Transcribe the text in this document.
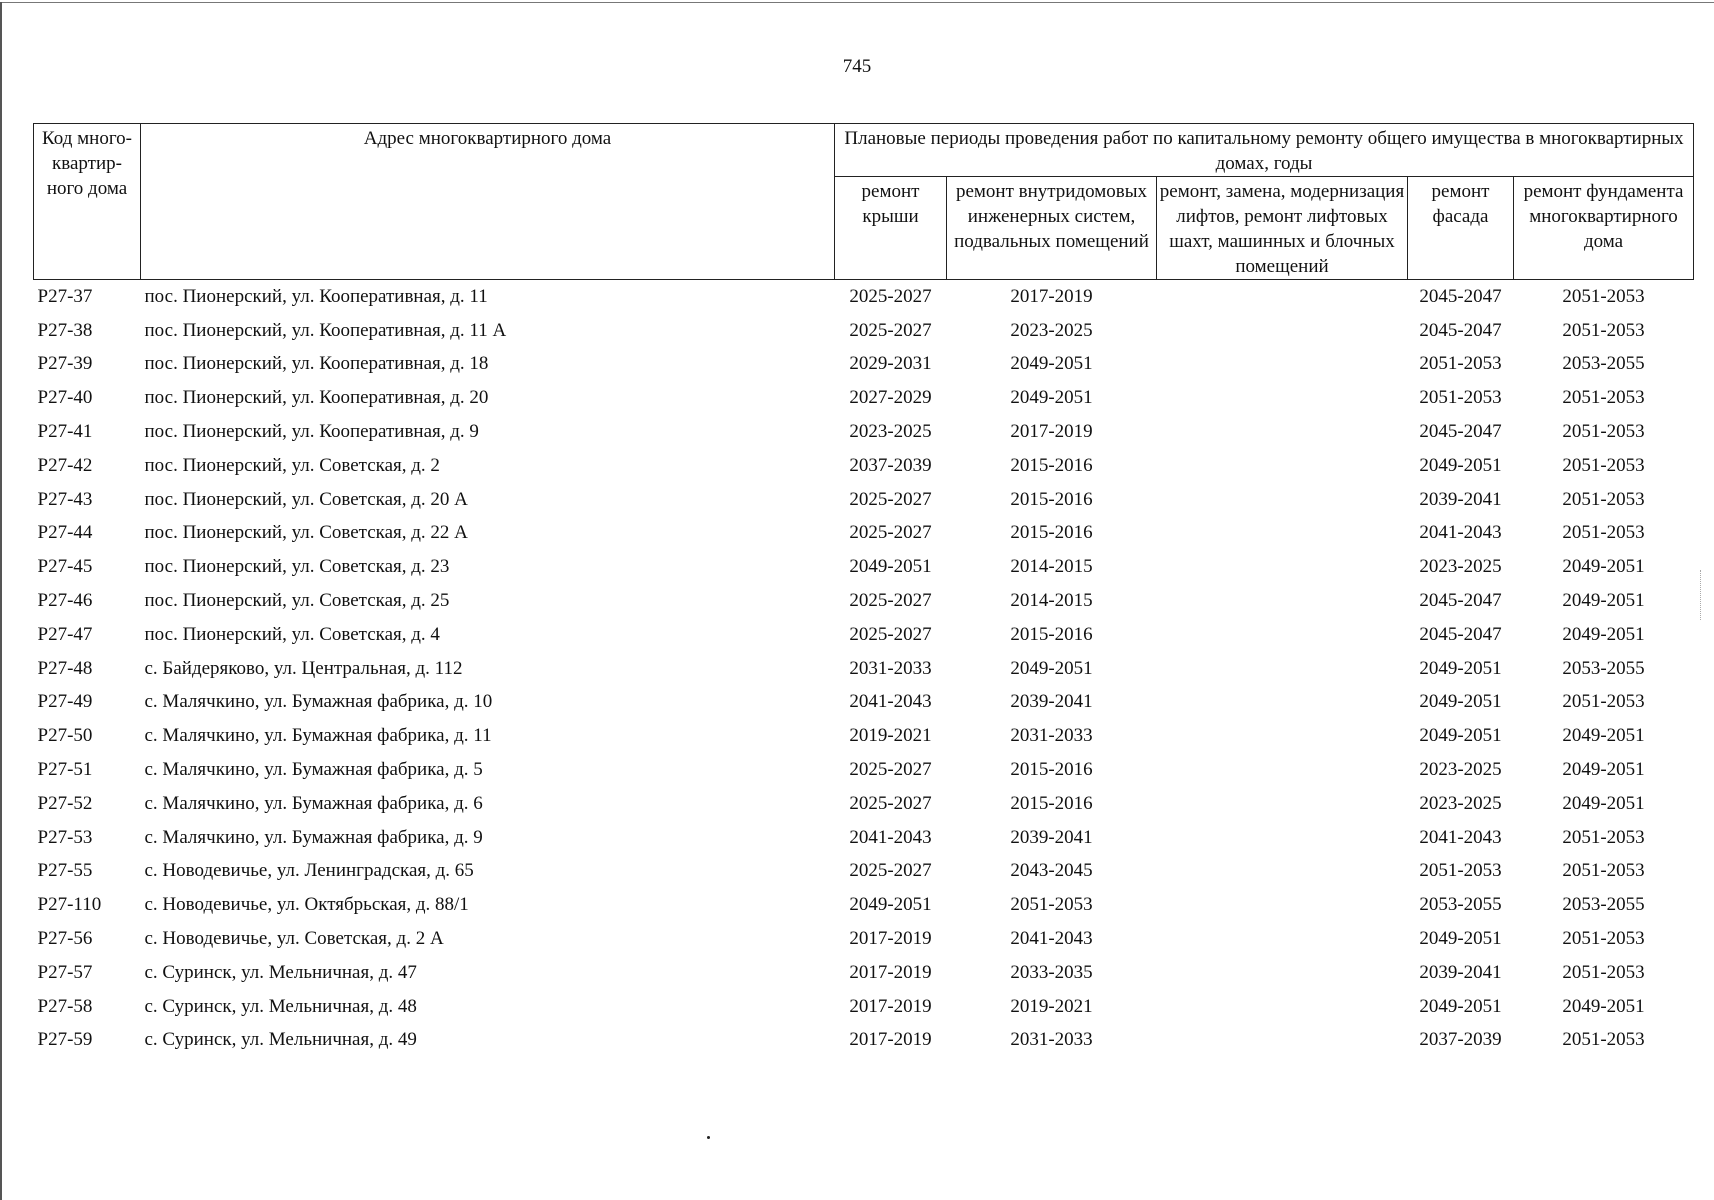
745
Код много-квартир-ного дома	Адрес многоквартирного дома	Плановые периоды проведения работ по капитальному ремонту общего имущества в многоквартирных домах, годы				
		ремонт крыши	ремонт внутридомовых инженерных систем, подвальных помещений	ремонт, замена, модернизация лифтов, ремонт лифтовых шахт, машинных и блочных помещений	ремонт фасада	ремонт фундамента многоквартирного дома
Р27-37	пос. Пионерский, ул. Кооперативная, д. 11	2025-2027	2017-2019		2045-2047	2051-2053
Р27-38	пос. Пионерский, ул. Кооперативная, д. 11 А	2025-2027	2023-2025		2045-2047	2051-2053
Р27-39	пос. Пионерский, ул. Кооперативная, д. 18	2029-2031	2049-2051		2051-2053	2053-2055
Р27-40	пос. Пионерский, ул. Кооперативная, д. 20	2027-2029	2049-2051		2051-2053	2051-2053
Р27-41	пос. Пионерский, ул. Кооперативная, д. 9	2023-2025	2017-2019		2045-2047	2051-2053
Р27-42	пос. Пионерский, ул. Советская, д. 2	2037-2039	2015-2016		2049-2051	2051-2053
Р27-43	пос. Пионерский, ул. Советская, д. 20 А	2025-2027	2015-2016		2039-2041	2051-2053
Р27-44	пос. Пионерский, ул. Советская, д. 22 А	2025-2027	2015-2016		2041-2043	2051-2053
Р27-45	пос. Пионерский, ул. Советская, д. 23	2049-2051	2014-2015		2023-2025	2049-2051
Р27-46	пос. Пионерский, ул. Советская, д. 25	2025-2027	2014-2015		2045-2047	2049-2051
Р27-47	пос. Пионерский, ул. Советская, д. 4	2025-2027	2015-2016		2045-2047	2049-2051
Р27-48	с. Байдеряково, ул. Центральная, д. 112	2031-2033	2049-2051		2049-2051	2053-2055
Р27-49	с. Малячкино, ул. Бумажная фабрика, д. 10	2041-2043	2039-2041		2049-2051	2051-2053
Р27-50	с. Малячкино, ул. Бумажная фабрика, д. 11	2019-2021	2031-2033		2049-2051	2049-2051
Р27-51	с. Малячкино, ул. Бумажная фабрика, д. 5	2025-2027	2015-2016		2023-2025	2049-2051
Р27-52	с. Малячкино, ул. Бумажная фабрика, д. 6	2025-2027	2015-2016		2023-2025	2049-2051
Р27-53	с. Малячкино, ул. Бумажная фабрика, д. 9	2041-2043	2039-2041		2041-2043	2051-2053
Р27-55	с. Новодевичье, ул. Ленинградская, д. 65	2025-2027	2043-2045		2051-2053	2051-2053
Р27-110	с. Новодевичье, ул. Октябрьская, д. 88/1	2049-2051	2051-2053		2053-2055	2053-2055
Р27-56	с. Новодевичье, ул. Советская, д. 2 А	2017-2019	2041-2043		2049-2051	2051-2053
Р27-57	с. Суринск, ул. Мельничная, д. 47	2017-2019	2033-2035		2039-2041	2051-2053
Р27-58	с. Суринск, ул. Мельничная, д. 48	2017-2019	2019-2021		2049-2051	2049-2051
Р27-59	с. Суринск, ул. Мельничная, д. 49	2017-2019	2031-2033		2037-2039	2051-2053
